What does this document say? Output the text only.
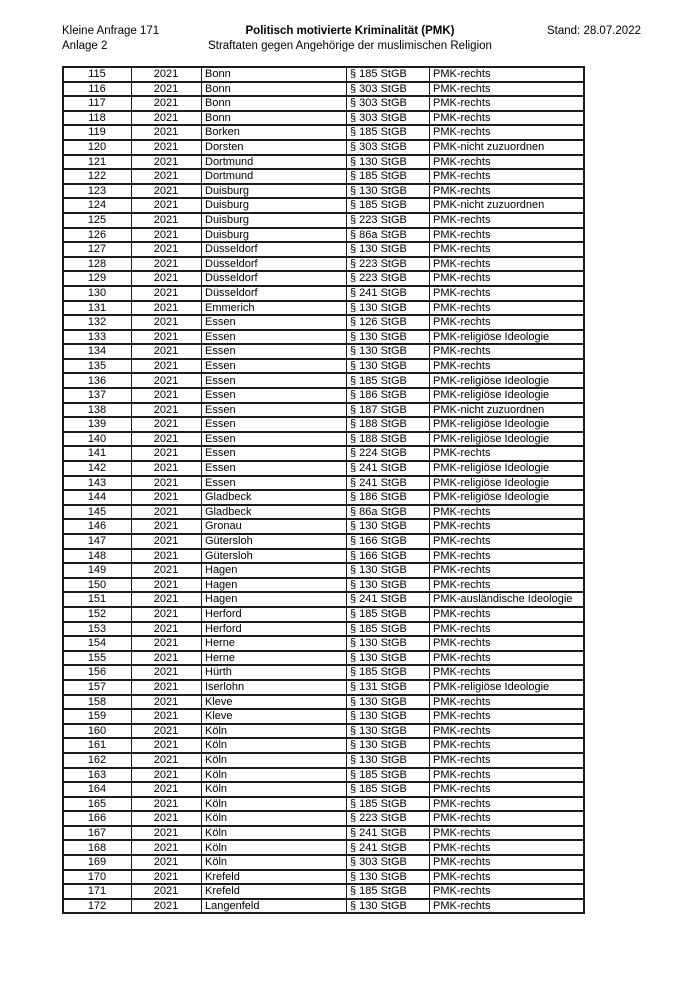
Kleine Anfrage 171
Anlage 2
Politisch motivierte Kriminalität (PMK)
Straftaten gegen Angehörige der muslimischen Religion
Stand: 28.07.2022
115	2021	Bonn	§ 185 StGB	PMK-rechts
116	2021	Bonn	§ 303 StGB	PMK-rechts
117	2021	Bonn	§ 303 StGB	PMK-rechts
118	2021	Bonn	§ 303 StGB	PMK-rechts
119	2021	Borken	§ 185 StGB	PMK-rechts
120	2021	Dorsten	§ 303 StGB	PMK-nicht zuzuordnen
121	2021	Dortmund	§ 130 StGB	PMK-rechts
122	2021	Dortmund	§ 185 StGB	PMK-rechts
123	2021	Duisburg	§ 130 StGB	PMK-rechts
124	2021	Duisburg	§ 185 StGB	PMK-nicht zuzuordnen
125	2021	Duisburg	§ 223 StGB	PMK-rechts
126	2021	Duisburg	§ 86a StGB	PMK-rechts
127	2021	Düsseldorf	§ 130 StGB	PMK-rechts
128	2021	Düsseldorf	§ 223 StGB	PMK-rechts
129	2021	Düsseldorf	§ 223 StGB	PMK-rechts
130	2021	Düsseldorf	§ 241 StGB	PMK-rechts
131	2021	Emmerich	§ 130 StGB	PMK-rechts
132	2021	Essen	§ 126 StGB	PMK-rechts
133	2021	Essen	§ 130 StGB	PMK-religiöse Ideologie
134	2021	Essen	§ 130 StGB	PMK-rechts
135	2021	Essen	§ 130 StGB	PMK-rechts
136	2021	Essen	§ 185 StGB	PMK-religiöse Ideologie
137	2021	Essen	§ 186 StGB	PMK-religiöse Ideologie
138	2021	Essen	§ 187 StGB	PMK-nicht zuzuordnen
139	2021	Essen	§ 188 StGB	PMK-religiöse Ideologie
140	2021	Essen	§ 188 StGB	PMK-religiöse Ideologie
141	2021	Essen	§ 224 StGB	PMK-rechts
142	2021	Essen	§ 241 StGB	PMK-religiöse Ideologie
143	2021	Essen	§ 241 StGB	PMK-religiöse Ideologie
144	2021	Gladbeck	§ 186 StGB	PMK-religiöse Ideologie
145	2021	Gladbeck	§ 86a StGB	PMK-rechts
146	2021	Gronau	§ 130 StGB	PMK-rechts
147	2021	Gütersloh	§ 166 StGB	PMK-rechts
148	2021	Gütersloh	§ 166 StGB	PMK-rechts
149	2021	Hagen	§ 130 StGB	PMK-rechts
150	2021	Hagen	§ 130 StGB	PMK-rechts
151	2021	Hagen	§ 241 StGB	PMK-ausländische Ideologie
152	2021	Herford	§ 185 StGB	PMK-rechts
153	2021	Herford	§ 185 StGB	PMK-rechts
154	2021	Herne	§ 130 StGB	PMK-rechts
155	2021	Herne	§ 130 StGB	PMK-rechts
156	2021	Hürth	§ 185 StGB	PMK-rechts
157	2021	Iserlohn	§ 131 StGB	PMK-religiöse Ideologie
158	2021	Kleve	§ 130 StGB	PMK-rechts
159	2021	Kleve	§ 130 StGB	PMK-rechts
160	2021	Köln	§ 130 StGB	PMK-rechts
161	2021	Köln	§ 130 StGB	PMK-rechts
162	2021	Köln	§ 130 StGB	PMK-rechts
163	2021	Köln	§ 185 StGB	PMK-rechts
164	2021	Köln	§ 185 StGB	PMK-rechts
165	2021	Köln	§ 185 StGB	PMK-rechts
166	2021	Köln	§ 223 StGB	PMK-rechts
167	2021	Köln	§ 241 StGB	PMK-rechts
168	2021	Köln	§ 241 StGB	PMK-rechts
169	2021	Köln	§ 303 StGB	PMK-rechts
170	2021	Krefeld	§ 130 StGB	PMK-rechts
171	2021	Krefeld	§ 185 StGB	PMK-rechts
172	2021	Langenfeld	§ 130 StGB	PMK-rechts
